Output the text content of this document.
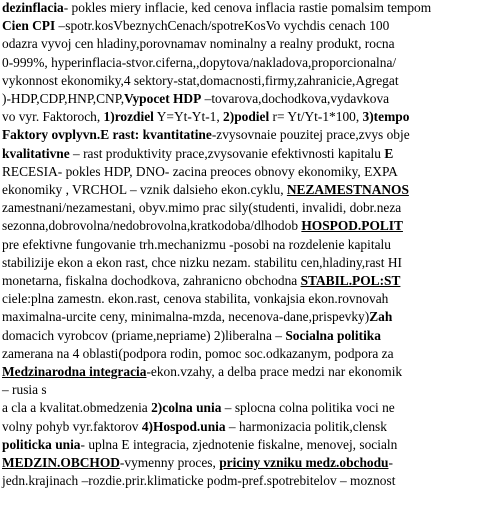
dezinflacia- pokles miery inflacie, ked cenova inflacia rastie pomalsim tempom
Cien CPI –spotr.kosVbeznychCenach/spotreKosVo vychdis cenach 100
odazra vyvoj cen hladiny,porovnamav nominalny a realny produkt, rocna
0-999%, hyperinflacia-stvor.ciferna,,dopytova/nakladova,proporcionalna/
vykonnost ekonomiky,4 sektory-stat,domacnosti,firmy,zahranicie,Agregat
)-HDP,CDP,HNP,CNP,Vypocet HDP –tovarova,dochodkova,vydavkova
vo vyr. Faktoroch, 1)rozdiel Y=Yt-Yt-1, 2)podiel r= Yt/Yt-1*100, 3)tempo
Faktory ovplyvn.E rast: kvantitatine-zvysovnaie pouzitej prace,zvys obje
kvalitativne – rast produktivity prace,zvysovanie efektivnosti kapitalu E
RECESIA- pokles HDP, DNO- zacina preoces obnovy ekonomiky, EXPA
ekonomiky , VRCHOL – vznik dalsieho ekon.cyklu, NEZAMESTNANOS
zamestnani/nezamestani, obyv.mimo prac sily(studenti, invalidi, dobr.neza
sezonna,dobrovolna/nedobrovolna,kratkodoba/dlhodob HOSPOD.POLIT
pre efektivne fungovanie trh.mechanizmu -posobi na rozdelenie kapitalu
stabilizije ekon a ekon rast, chce nizku nezam. stabilitu cen,hladiny,rast HI
monetarna, fiskalna dochodkova, zahranicno obchodna STABIL.POL:ST
ciele:plna zamestn. ekon.rast, cenova stabilita, vonkajsia ekon.rovnovah
maximalna-urcite ceny, minimalna-mzda, necenova-dane,prispevky)Zah
domacich vyrobcov (priame,nepriame) 2)liberalna – Socialna politika
zamerana na 4 oblasti(podpora rodin, pomoc soc.odkazanym, podpora za
Medzinarodna integracia-ekon.vzahy, a delba prace medzi nar ekonomik
– rusia s
a cla a kvalitat.obmedzenia 2)colna unia – splocna colna politika voci ne
volny pohyb vyr.faktorov 4)Hospod.unia – harmonizacia politik,clensk
politicka unia- uplna E integracia, zjednotenie fiskalne, menovej, socialn
MEDZIN.OBCHOD-vymenny proces, priciny vzniku medz.obchodu-
jedn.krajinach –rozdie.prir.klimaticke podm-pref.spotrebitelov – moznost
